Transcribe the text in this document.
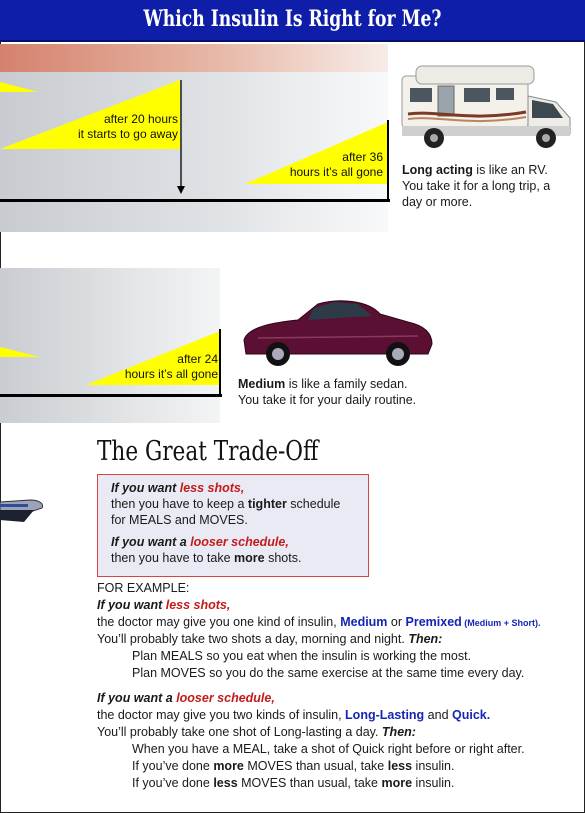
Which Insulin Is Right for Me?
after 20 hours
it starts to go away
after 36
hours it’s all gone Long acting is like an RV.
You take it for a long trip, a
day or more.
after 24
hours it’s all gone
Medium is like a family sedan.
You take it for your daily routine.
The Great Trade-Off
If you want less shots,
then you have to keep a tighter schedule
for MEALS and MOVES.
If you want a looser schedule,
then you have to take more shots.
FOR EXAMPLE:
If you want less shots,
the doctor may give you one kind of insulin, Medium or Premixed (Medium + Short).
You’ll probably take two shots a day, morning and night. Then:
Plan MEALS so you eat when the insulin is working the most.
Plan MOVES so you do the same exercise at the same time every day.
If you want a looser schedule,
the doctor may give you two kinds of insulin, Long-Lasting and Quick.
You’ll probably take one shot of Long-lasting a day. Then:
When you have a MEAL, take a shot of Quick right before or right after.
If you’ve done more MOVES than usual, take less insulin.
If you’ve done less MOVES than usual, take more insulin.
